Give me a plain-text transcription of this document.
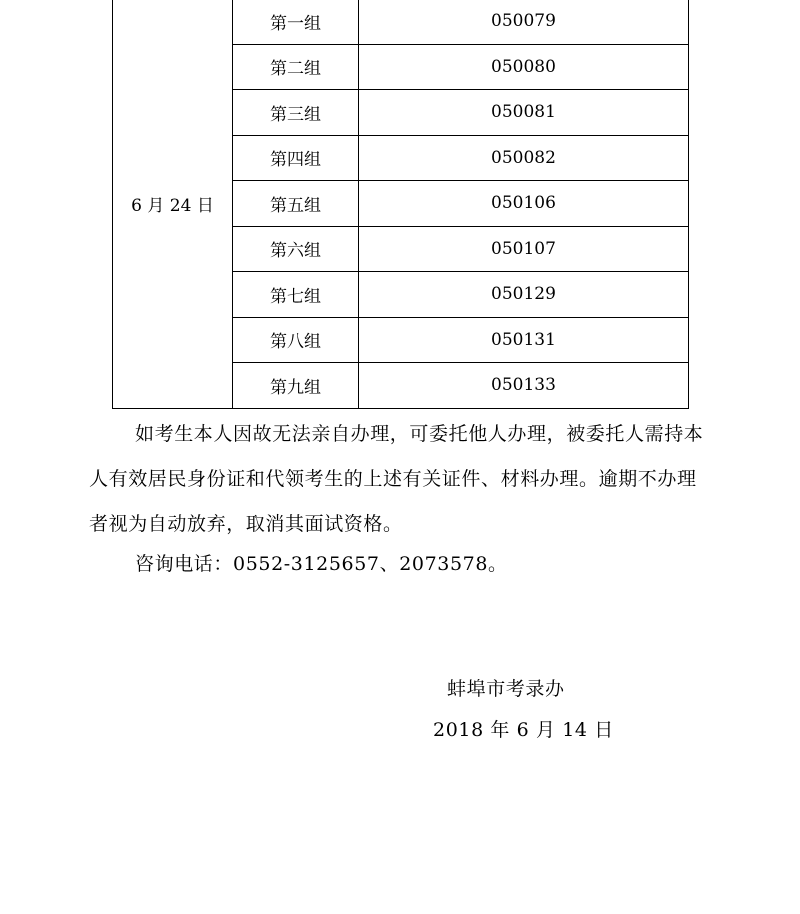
6 月 24 日	第一组	050079
	第二组	050080
	第三组	050081
	第四组	050082
	第五组	050106
	第六组	050107
	第七组	050129
	第八组	050131
	第九组	050133

如考生本人因故无法亲自办理，可委托他人办理，被委托人需持本人有效居民身份证和代领考生的上述有关证件、材料办理。逾期不办理者视为自动放弃，取消其面试资格。

咨询电话：0552-3125657、2073578。

蚌埠市考录办

2018 年 6 月 14 日
